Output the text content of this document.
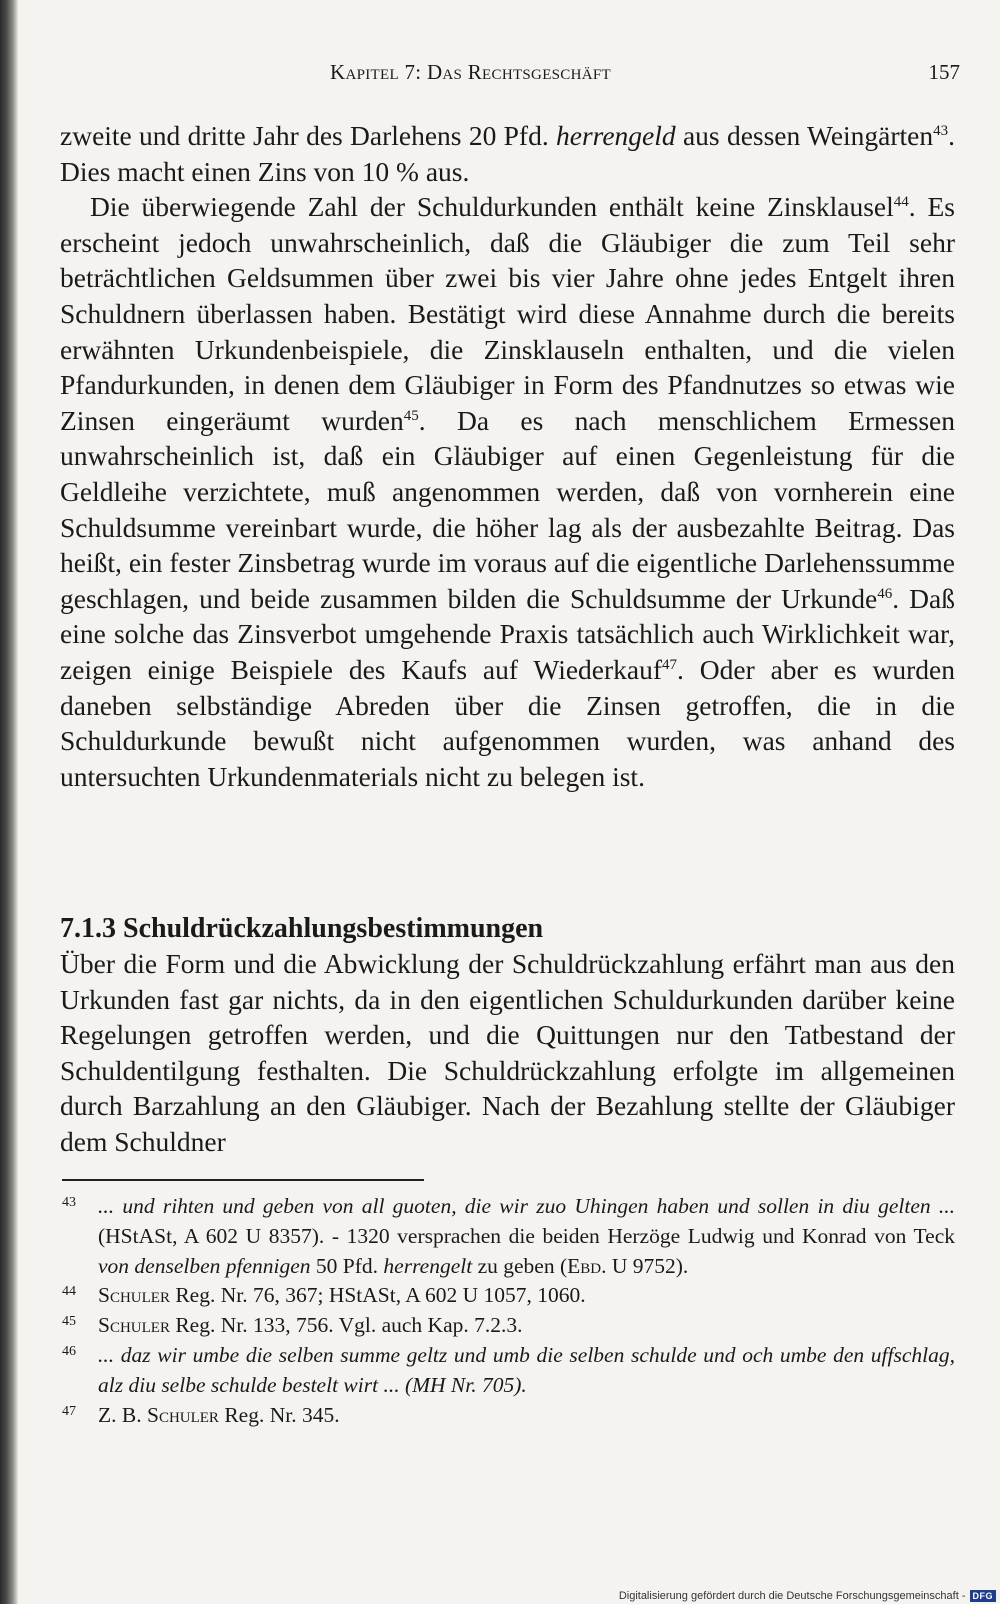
Kapitel 7: Das Rechtsgeschäft	157

zweite und dritte Jahr des Darlehens 20 Pfd. herrengeld aus dessen Weingärten$^{43}$. Dies macht einen Zins von 10 % aus.

Die überwiegende Zahl der Schuldurkunden enthält keine Zinsklausel$^{44}$. Es erscheint jedoch unwahrscheinlich, daß die Gläubiger die zum Teil sehr beträchtlichen Geldsummen über zwei bis vier Jahre ohne jedes Entgelt ihren Schuldnern überlassen haben. Bestätigt wird diese Annahme durch die bereits erwähnten Urkundenbeispiele, die Zinsklauseln enthalten, und die vielen Pfandurkunden, in denen dem Gläubiger in Form des Pfandnutzes so etwas wie Zinsen eingeräumt wurden$^{45}$. Da es nach menschlichem Ermessen unwahrscheinlich ist, daß ein Gläubiger auf einen Gegenleistung für die Geldleihe verzichtete, muß angenommen werden, daß von vornherein eine Schuldsumme vereinbart wurde, die höher lag als der ausbezahlte Beitrag. Das heißt, ein fester Zinsbetrag wurde im voraus auf die eigentliche Darlehenssumme geschlagen, und beide zusammen bilden die Schuldsumme der Urkunde$^{46}$. Daß eine solche das Zinsverbot umgehende Praxis tatsächlich auch Wirklichkeit war, zeigen einige Beispiele des Kaufs auf Wiederkauf$^{47}$. Oder aber es wurden daneben selbständige Abreden über die Zinsen getroffen, die in die Schuldurkunde bewußt nicht aufgenommen wurden, was anhand des untersuchten Urkundenmaterials nicht zu belegen ist.

7.1.3 Schuldrückzahlungsbestimmungen

Über die Form und die Abwicklung der Schuldrückzahlung erfährt man aus den Urkunden fast gar nichts, da in den eigentlichen Schuldurkunden darüber keine Regelungen getroffen werden, und die Quittungen nur den Tatbestand der Schuldentilgung festhalten. Die Schuldrückzahlung erfolgte im allgemeinen durch Barzahlung an den Gläubiger. Nach der Bezahlung stellte der Gläubiger dem Schuldner

43 ... und rihten und geben von all guoten, die wir zuo Uhingen haben und sollen in diu gelten ... (HStASt, A 602 U 8357). - 1320 versprachen die beiden Herzöge Ludwig und Konrad von Teck von denselben pfennigen 50 Pfd. herrengelt zu geben (Ebd. U 9752).
44 Schuler Reg. Nr. 76, 367; HStASt, A 602 U 1057, 1060.
45 Schuler Reg. Nr. 133, 756. Vgl. auch Kap. 7.2.3.
46 ... daz wir umbe die selben summe geltz und umb die selben schulde und och umbe den uffschlag, alz diu selbe schulde bestelt wirt ... (MH Nr. 705).
47 Z. B. Schuler Reg. Nr. 345.
Digitalisierung gefördert durch die Deutsche Forschungsgemeinschaft - DFG
